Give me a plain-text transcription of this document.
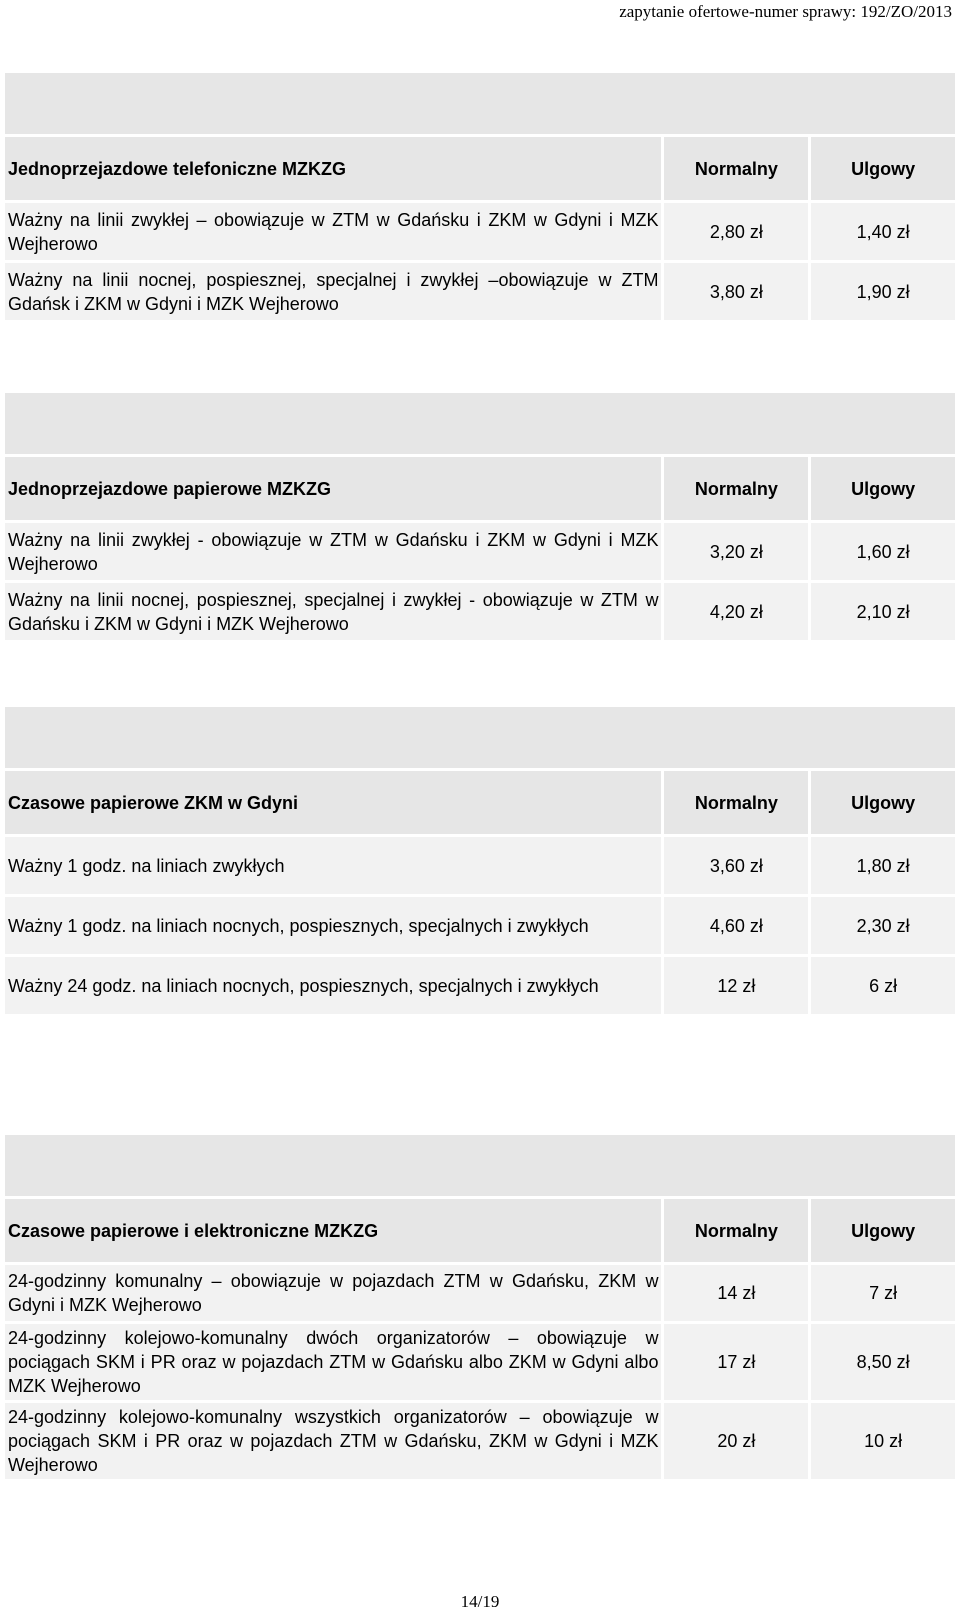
zapytanie ofertowe-numer sprawy: 192/ZO/2013

Jednoprzejazdowe telefoniczne MZKZG	Normalny	Ulgowy
Ważny na linii zwykłej – obowiązuje w ZTM w Gdańsku i ZKM w Gdyni i MZK Wejherowo	2,80 zł	1,40 zł
Ważny na linii nocnej, pospiesznej, specjalnej i zwykłej –obowiązuje w ZTM Gdańsk i ZKM w Gdyni i MZK Wejherowo	3,80 zł	1,90 zł

Jednoprzejazdowe papierowe MZKZG	Normalny	Ulgowy
Ważny na linii zwykłej - obowiązuje w ZTM w Gdańsku i ZKM w Gdyni i MZK Wejherowo	3,20 zł	1,60 zł
Ważny na linii nocnej, pospiesznej, specjalnej i zwykłej - obowiązuje w ZTM w Gdańsku i ZKM w Gdyni i MZK Wejherowo	4,20 zł	2,10 zł

Czasowe papierowe ZKM w Gdyni	Normalny	Ulgowy
Ważny 1 godz. na liniach zwykłych	3,60 zł	1,80 zł
Ważny 1 godz. na liniach nocnych, pospiesznych, specjalnych i zwykłych	4,60 zł	2,30 zł
Ważny 24 godz. na liniach nocnych, pospiesznych, specjalnych i zwykłych	12 zł	6 zł

Czasowe papierowe i elektroniczne MZKZG	Normalny	Ulgowy
24-godzinny komunalny – obowiązuje w pojazdach ZTM w Gdańsku, ZKM w Gdyni i MZK Wejherowo	14 zł	7 zł
24-godzinny kolejowo-komunalny dwóch organizatorów – obowiązuje w pociągach SKM i PR oraz w pojazdach ZTM w Gdańsku albo ZKM w Gdyni albo MZK Wejherowo	17 zł	8,50 zł
24-godzinny kolejowo-komunalny wszystkich organizatorów – obowiązuje w pociągach SKM i PR oraz w pojazdach ZTM w Gdańsku, ZKM w Gdyni i MZK Wejherowo	20 zł	10 zł
14/19
